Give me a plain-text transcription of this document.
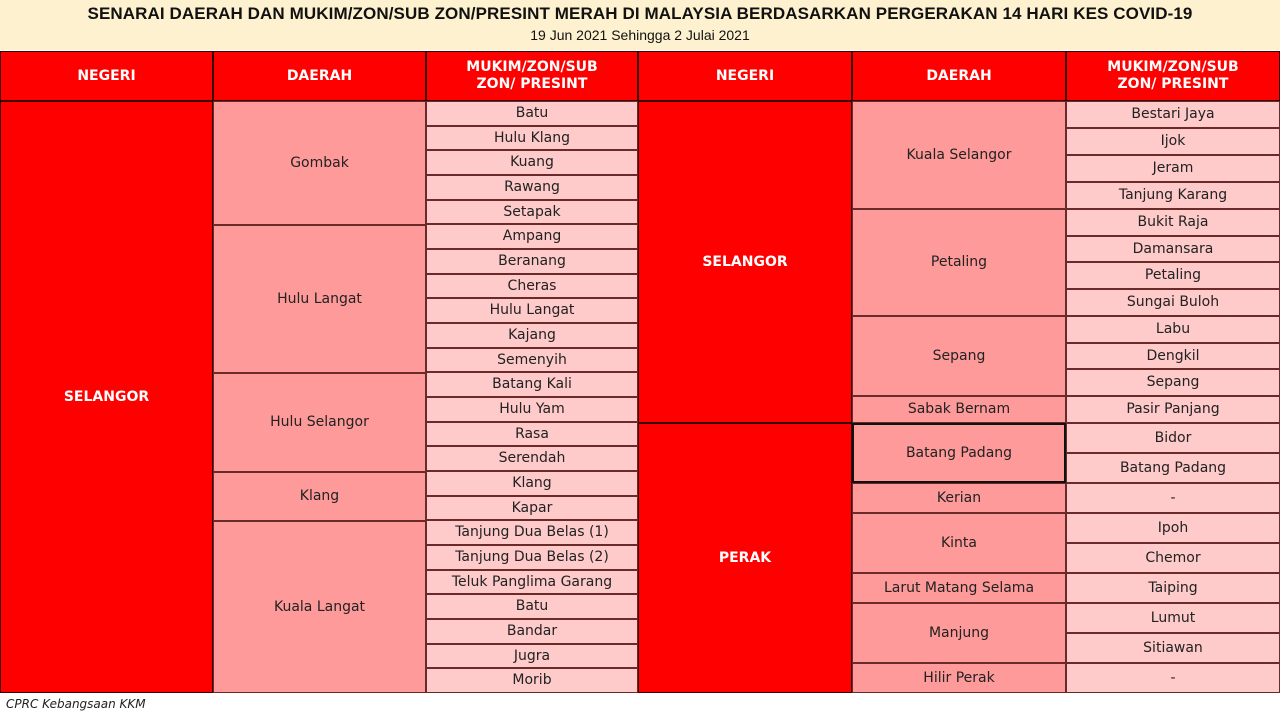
SENARAI DAERAH DAN MUKIM/ZON/SUB ZON/PRESINT MERAH DI MALAYSIA BERDASARKAN PERGERAKAN 14 HARI KES COVID-19
19 Jun 2021 Sehingga 2 Julai 2021
NEGERI	DAERAH
MUKIM/ZON/SUB ZON/ PRESINT
NEGERI	DAERAH
MUKIM/ZON/SUB ZON/ PRESINT
SELANGOR
Gombak
Hulu Langat
Hulu Selangor
Klang
Kuala Langat
Batu
Hulu Klang
Kuang
Rawang
Setapak
Ampang
Beranang
Cheras
Hulu Langat
Kajang
Semenyih
Batang Kali
Hulu Yam
Rasa
Serendah
Klang
Kapar
Tanjung Dua Belas (1)
Tanjung Dua Belas (2)
Teluk Panglima Garang
Batu
Bandar
Jugra
Morib
SELANGOR
PERAK
Kuala Selangor
Petaling
Sepang
Sabak Bernam
Batang Padang
Kerian
Kinta
Larut Matang Selama
Manjung
Hilir Perak
Bestari Jaya
Ijok
Jeram
Tanjung Karang
Bukit Raja
Damansara
Petaling
Sungai Buloh
Labu
Dengkil
Sepang
Pasir Panjang
Bidor
Batang Padang
-
Ipoh
Chemor
Taiping
Lumut
Sitiawan
-
CPRC Kebangsaan KKM
